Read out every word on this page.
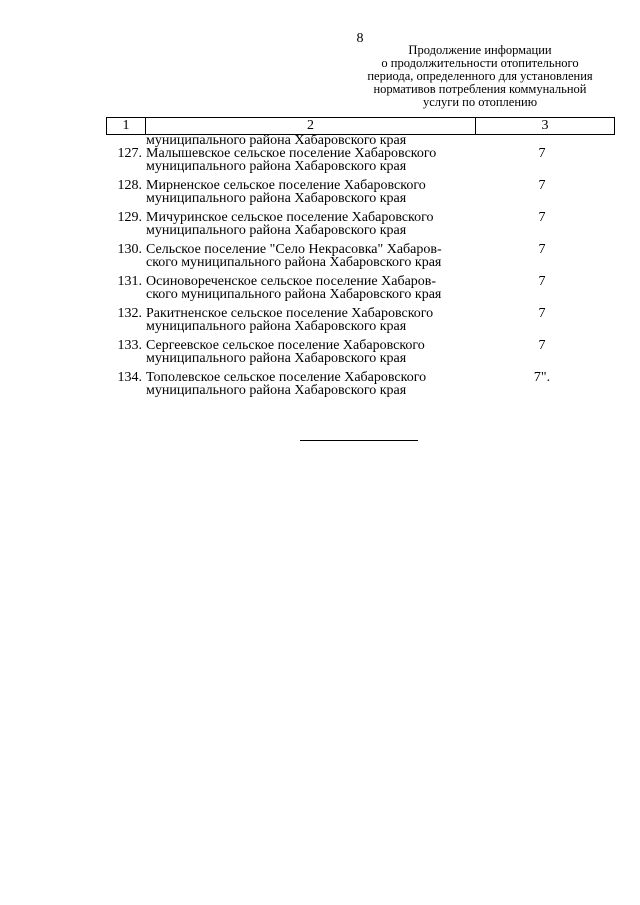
8
Продолжение информации
о продолжительности отопительного
периода, определенного для установления
нормативов потребления коммунальной
услуги по отоплению
1	2	3
муниципального района Хабаровского края
127. Малышевское сельское поселение Хабаровского
муниципального района Хабаровского края
7
128. Мирненское сельское поселение Хабаровского
муниципального района Хабаровского края
7
129. Мичуринское сельское поселение Хабаровского
муниципального района Хабаровского края
7
130. Сельское поселение "Село Некрасовка" Хабаров-
ского муниципального района Хабаровского края
7
131. Осиновореченское сельское поселение Хабаров-
ского муниципального района Хабаровского края
7
132. Ракитненское сельское поселение Хабаровского
муниципального района Хабаровского края
7
133. Сергеевское сельское поселение Хабаровского
муниципального района Хабаровского края
7
134. Тополевское сельское поселение Хабаровского
муниципального района Хабаровского края
7".
